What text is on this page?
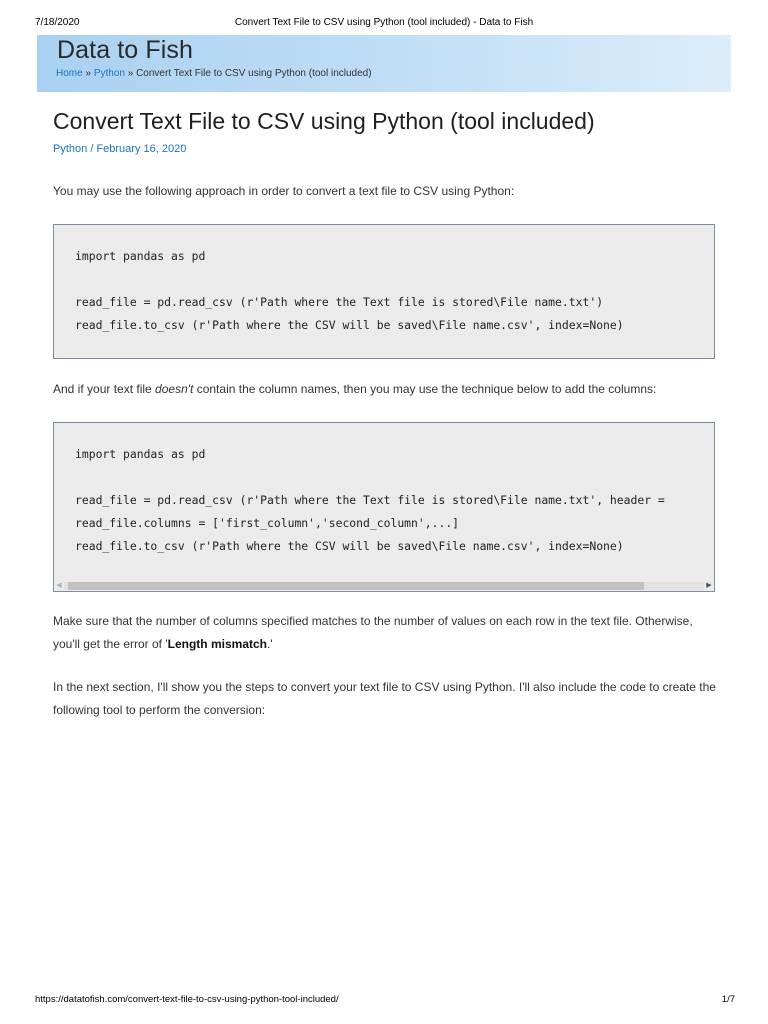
7/18/2020	Convert Text File to CSV using Python (tool included) - Data to Fish
Data to Fish
Home » Python » Convert Text File to CSV using Python (tool included)
Convert Text File to CSV using Python (tool included)
Python / February 16, 2020

You may use the following approach in order to convert a text file to CSV using Python:

import pandas as pd
read_file = pd.read_csv (r'Path where the Text file is stored\File name.txt')
read_file.to_csv (r'Path where the CSV will be saved\File name.csv', index=None)

And if your text file doesn't contain the column names, then you may use the technique below to add the columns:

import pandas as pd
read_file = pd.read_csv (r'Path where the Text file is stored\File name.txt', header =
read_file.columns = ['first_column','second_column',...]
read_file.to_csv (r'Path where the CSV will be saved\File name.csv', index=None)
◀	▶

Make sure that the number of columns specified matches to the number of values on each row in the text file. Otherwise, you'll get the error of 'Length mismatch.'

In the next section, I'll show you the steps to convert your text file to CSV using Python. I'll also include the code to create the following tool to perform the conversion:

https://datatofish.com/convert-text-file-to-csv-using-python-tool-included/	1/7
